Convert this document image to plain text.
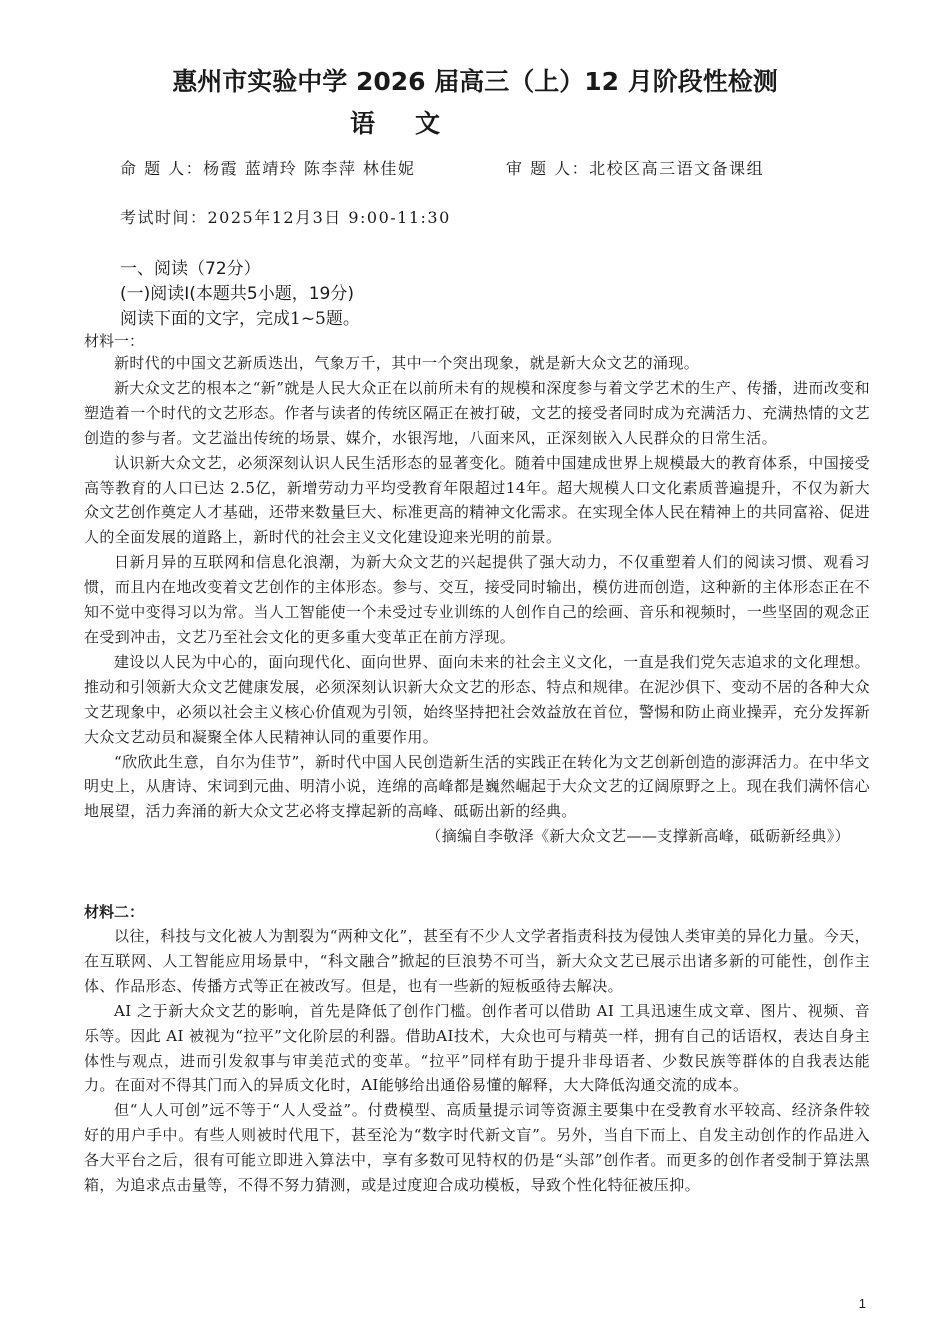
惠州市实验中学 2026 届高三（上）12 月阶段性检测
语文
命 题 人：杨霞 蓝靖玲 陈李萍 林佳妮	审 题 人：北校区高三语文备课组
考试时间：2025年12月3日 9:00-11:30
一、阅读（72分）
(一)阅读Ⅰ(本题共5小题，19分)
阅读下面的文字，完成1~5题。
材料一：

新时代的中国文艺新质迭出，气象万千，其中一个突出现象，就是新大众文艺的涌现。

新大众文艺的根本之“新”就是人民大众正在以前所未有的规模和深度参与着文学艺术的生产、传播，进而改变和塑造着一个时代的文艺形态。作者与读者的传统区隔正在被打破，文艺的接受者同时成为充满活力、充满热情的文艺创造的参与者。文艺溢出传统的场景、媒介，水银泻地，八面来风，正深刻嵌入人民群众的日常生活。

认识新大众文艺，必须深刻认识人民生活形态的显著变化。随着中国建成世界上规模最大的教育体系，中国接受高等教育的人口已达 2.5亿，新增劳动力平均受教育年限超过14年。超大规模人口文化素质普遍提升，不仅为新大众文艺创作奠定人才基础，还带来数量巨大、标准更高的精神文化需求。在实现全体人民在精神上的共同富裕、促进人的全面发展的道路上，新时代的社会主义文化建设迎来光明的前景。

日新月异的互联网和信息化浪潮，为新大众文艺的兴起提供了强大动力，不仅重塑着人们的阅读习惯、观看习惯，而且内在地改变着文艺创作的主体形态。参与、交互，接受同时输出，模仿进而创造，这种新的主体形态正在不知不觉中变得习以为常。当人工智能使一个未受过专业训练的人创作自己的绘画、音乐和视频时，一些坚固的观念正在受到冲击，文艺乃至社会文化的更多重大变革正在前方浮现。

建设以人民为中心的，面向现代化、面向世界、面向未来的社会主义文化，一直是我们党矢志追求的文化理想。推动和引领新大众文艺健康发展，必须深刻认识新大众文艺的形态、特点和规律。在泥沙俱下、变动不居的各种大众文艺现象中，必须以社会主义核心价值观为引领，始终坚持把社会效益放在首位，警惕和防止商业操弄，充分发挥新大众文艺动员和凝聚全体人民精神认同的重要作用。

“欣欣此生意，自尔为佳节”，新时代中国人民创造新生活的实践正在转化为文艺创新创造的澎湃活力。在中华文明史上，从唐诗、宋词到元曲、明清小说，连绵的高峰都是巍然崛起于大众文艺的辽阔原野之上。现在我们满怀信心地展望，活力奔涌的新大众文艺必将支撑起新的高峰、砥砺出新的经典。

（摘编自李敬泽《新大众文艺——支撑新高峰，砥砺新经典》）

材料二：

以往，科技与文化被人为割裂为“两种文化”，甚至有不少人文学者指责科技为侵蚀人类审美的异化力量。今天，在互联网、人工智能应用场景中，“科文融合”掀起的巨浪势不可当，新大众文艺已展示出诸多新的可能性，创作主体、作品形态、传播方式等正在被改写。但是，也有一些新的短板亟待去解决。

AI 之于新大众文艺的影响，首先是降低了创作门槛。创作者可以借助 AI 工具迅速生成文章、图片、视频、音乐等。因此 AI 被视为“拉平”文化阶层的利器。借助AI技术，大众也可与精英一样，拥有自己的话语权，表达自身主体性与观点，进而引发叙事与审美范式的变革。“拉平”同样有助于提升非母语者、少数民族等群体的自我表达能力。在面对不得其门而入的异质文化时，AI能够给出通俗易懂的解释，大大降低沟通交流的成本。

但“人人可创”远不等于“人人受益”。付费模型、高质量提示词等资源主要集中在受教育水平较高、经济条件较好的用户手中。有些人则被时代甩下，甚至沦为“数字时代新文盲”。另外，当自下而上、自发主动创作的作品进入各大平台之后，很有可能立即进入算法中，享有多数可见特权的仍是“头部”创作者。而更多的创作者受制于算法黑箱，为追求点击量等，不得不努力猜测，或是过度迎合成功模板，导致个性化特征被压抑。

1
